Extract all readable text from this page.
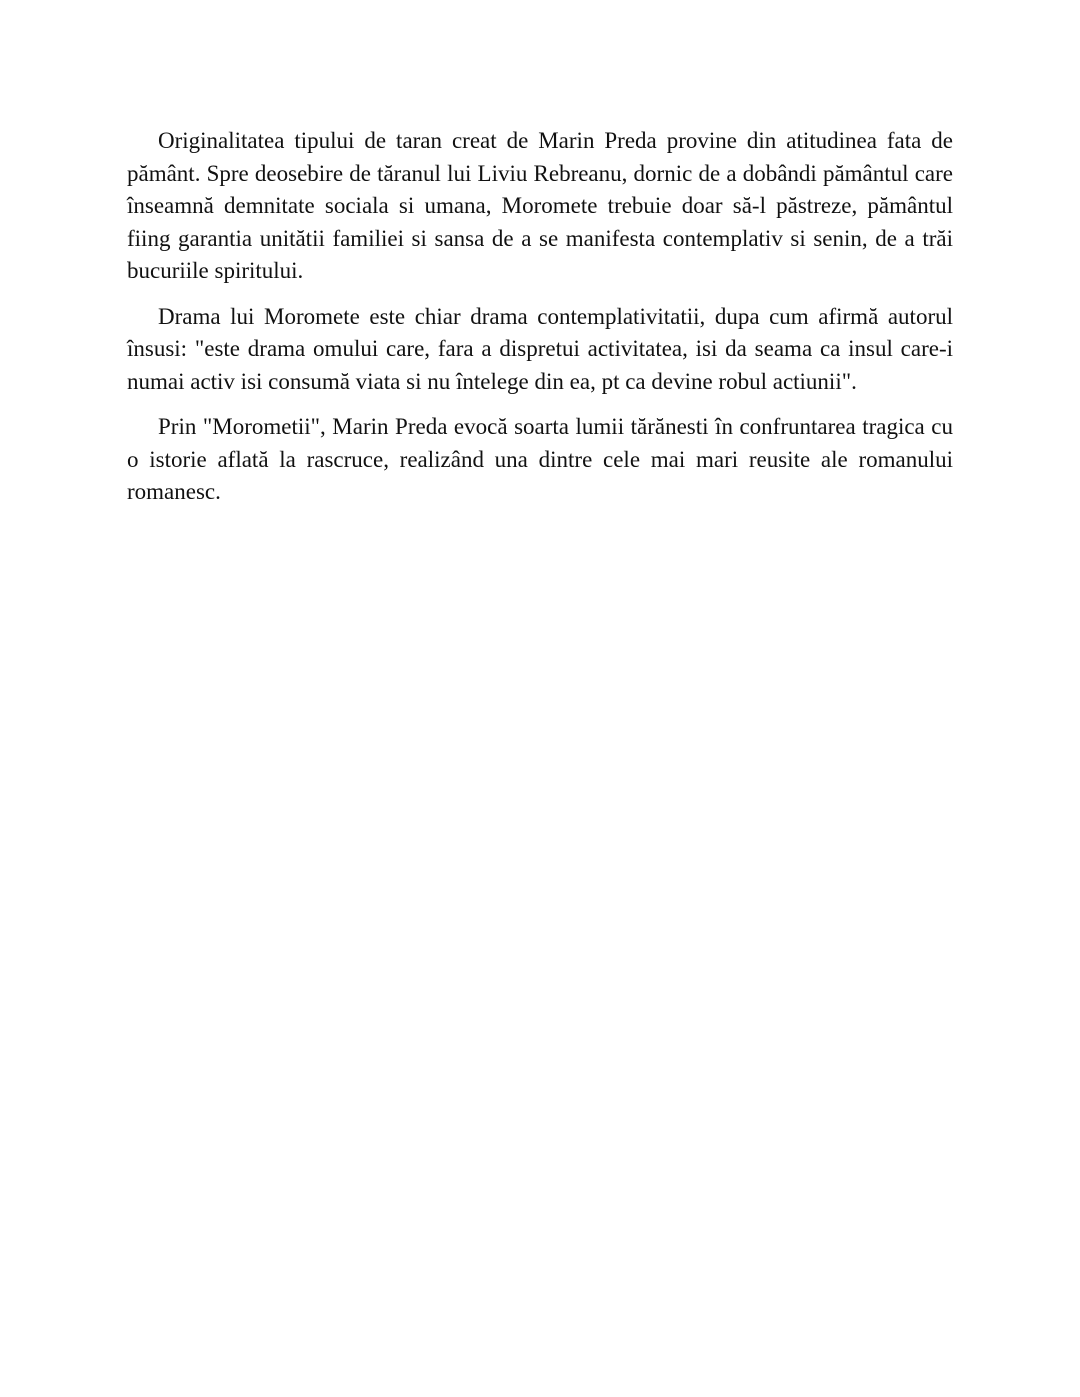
Originalitatea tipului de taran creat de Marin Preda provine din atitudinea fata de pământ. Spre deosebire de tăranul lui Liviu Rebreanu, dornic de a dobândi pământul care înseamnă demnitate sociala si umana, Moromete trebuie doar să-l păstreze, pământul fiing garantia unitătii familiei si sansa de a se manifesta contemplativ si senin, de a trăi bucuriile spiritului.

Drama lui Moromete este chiar drama contemplativitatii, dupa cum afirmă autorul însusi: "este drama omului care, fara a dispretui activitatea, isi da seama ca insul care-i numai activ isi consumă viata si nu întelege din ea, pt ca devine robul actiunii".

Prin "Morometii", Marin Preda evocă soarta lumii tărănesti în confruntarea tragica cu o istorie aflată la rascruce, realizând una dintre cele mai mari reusite ale romanului romanesc.
